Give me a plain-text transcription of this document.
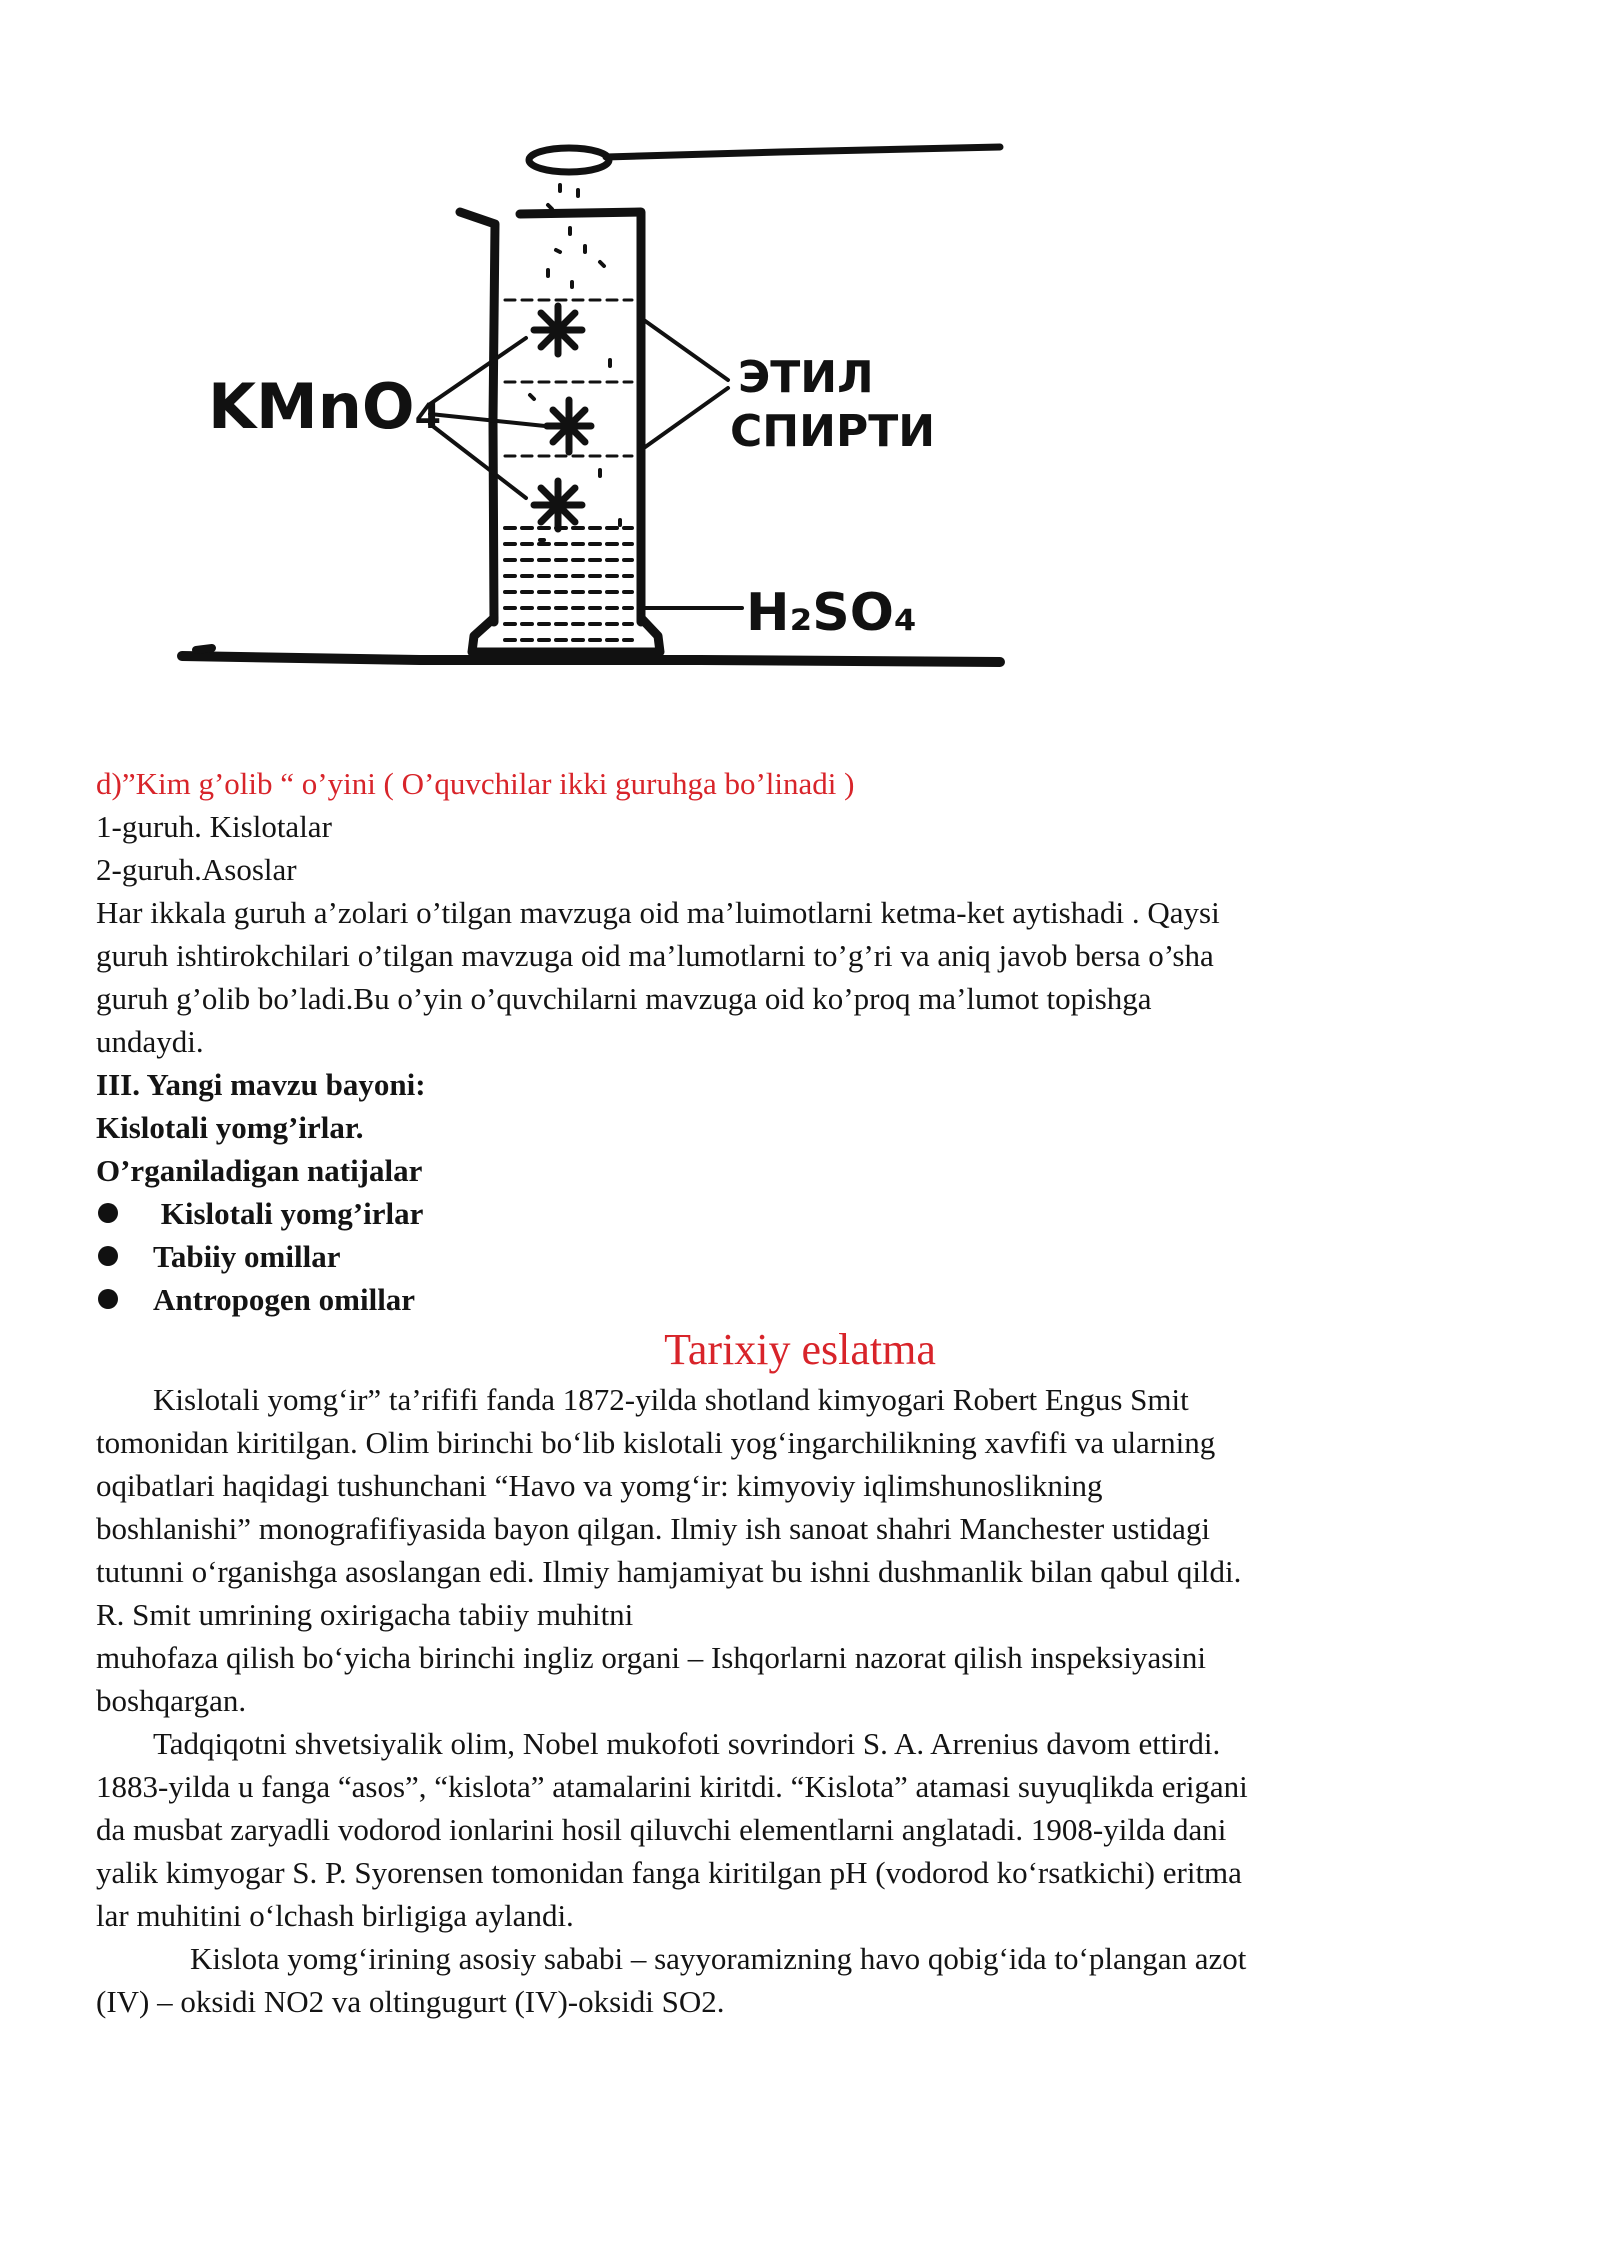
KMnO₄	ЭТИЛ
СПИРТИ
H₂SO₄
d)”Kim g’olib “ o’yini ( O’quvchilar ikki guruhga bo’linadi )
1-guruh. Kislotalar
2-guruh.Asoslar
Har ikkala guruh a’zolari o’tilgan mavzuga oid ma’luimotlarni ketma-ket aytishadi . Qaysi
guruh ishtirokchilari o’tilgan mavzuga oid ma’lumotlarni to’g’ri va aniq javob bersa o’sha
guruh g’olib bo’ladi.Bu o’yin o’quvchilarni mavzuga oid ko’proq ma’lumot topishga
undaydi.
III. Yangi mavzu bayoni:
Kislotali yomg’irlar.
O’rganiladigan natijalar
Kislotali yomg’irlar
Tabiiy omillar
Antropogen omillar
Tarixiy eslatma
Kislotali yomg‘ir” ta’rififi fanda 1872-yilda shotland kimyogari Robert Engus Smit
tomonidan kiritilgan. Olim birinchi bo‘lib kislotali yog‘ingarchilikning xavfifi va ularning
oqibatlari haqidagi tushunchani “Havo va yomg‘ir: kimyoviy iqlimshunoslikning
boshlanishi” monografifiyasida bayon qilgan. Ilmiy ish sanoat shahri Manchester ustidagi
tutunni o‘rganishga asoslangan edi. Ilmiy hamjamiyat bu ishni dushmanlik bilan qabul qildi.
R. Smit umrining oxirigacha tabiiy muhitni
muhofaza qilish bo‘yicha birinchi ingliz organi – Ishqorlarni nazorat qilish inspeksiyasini
boshqargan.
Tadqiqotni shvetsiyalik olim, Nobel mukofoti sovrindori S. A. Arrenius davom ettirdi.
1883-yilda u fanga “asos”, “kislota” atamalarini kiritdi. “Kislota” atamasi suyuqlikda erigani
da musbat zaryadli vodorod ionlarini hosil qiluvchi elementlarni anglatadi. 1908-yilda dani
yalik kimyogar S. P. Syorensen tomonidan fanga kiritilgan pH (vodorod ko‘rsatkichi) eritma
lar muhitini o‘lchash birligiga aylandi.
Kislota yomg‘irining asosiy sababi – sayyoramizning havo qobig‘ida to‘plangan azot
(IV) – oksidi NO2 va oltingugurt (IV)-oksidi SO2.
